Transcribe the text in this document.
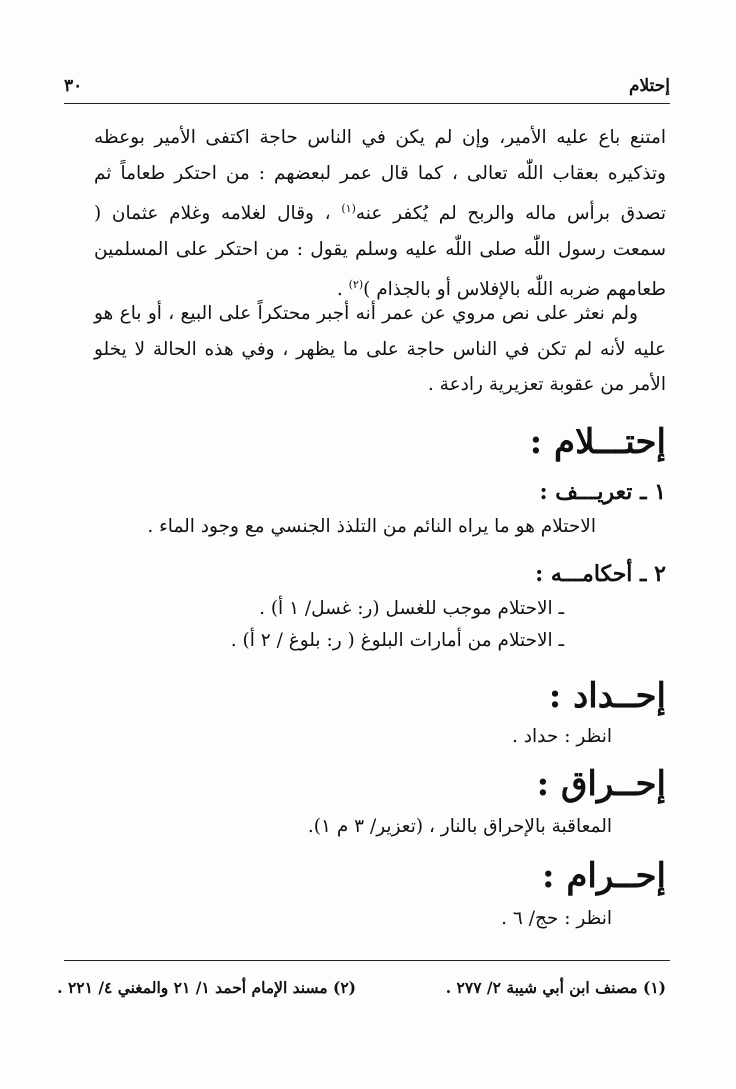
إحتلام
٣٠

امتنع باع عليه الأمير، وإن لم يكن في الناس حاجة اكتفى الأمير بوعظه وتذكيره بعقاب اللّٰه تعالى ، كما قال عمر لبعضهم : من احتكر طعاماً ثم تصدق برأس ماله والربح لم يُكفر عنه$^{(١)}$ ، وقال لغلامه وغلام عثمان ( سمعت رسول اللّٰه صلى اللّٰه عليه وسلم يقول : من احتكر على المسلمين طعامهم ضربه اللّٰه بالإفلاس أو بالجذام )$^{(٢)}$ .

ولم نعثر على نص مروي عن عمر أنه أجبر محتكراً على البيع ، أو باع هو عليه لأنه لم تكن في الناس حاجة على ما يظهر ، وفي هذه الحالة لا يخلو الأمر من عقوبة تعزيرية رادعة .

إحتـــلام :
١ ـ تعريـــف :
الاحتلام هو ما يراه النائم من التلذذ الجنسي مع وجود الماء .
٢ ـ أحكامـــه :
ـ الاحتلام موجب للغسل (ر: غسل/ ١ أ) .
ـ الاحتلام من أمارات البلوغ ( ر: بلوغ / ٢ أ) .
إحــداد :
انظر : حداد .
إحــراق :
المعاقبة بالإحراق بالنار ، (تعزير/ ٣ م ١).
إحــرام :
انظر : حج/ ٦ .
(١) مصنف ابن أبي شيبة ٢/ ٢٧٧ .
(٢) مسند الإمام أحمد ١/ ٢١ والمغني ٤/ ٢٢١ .
